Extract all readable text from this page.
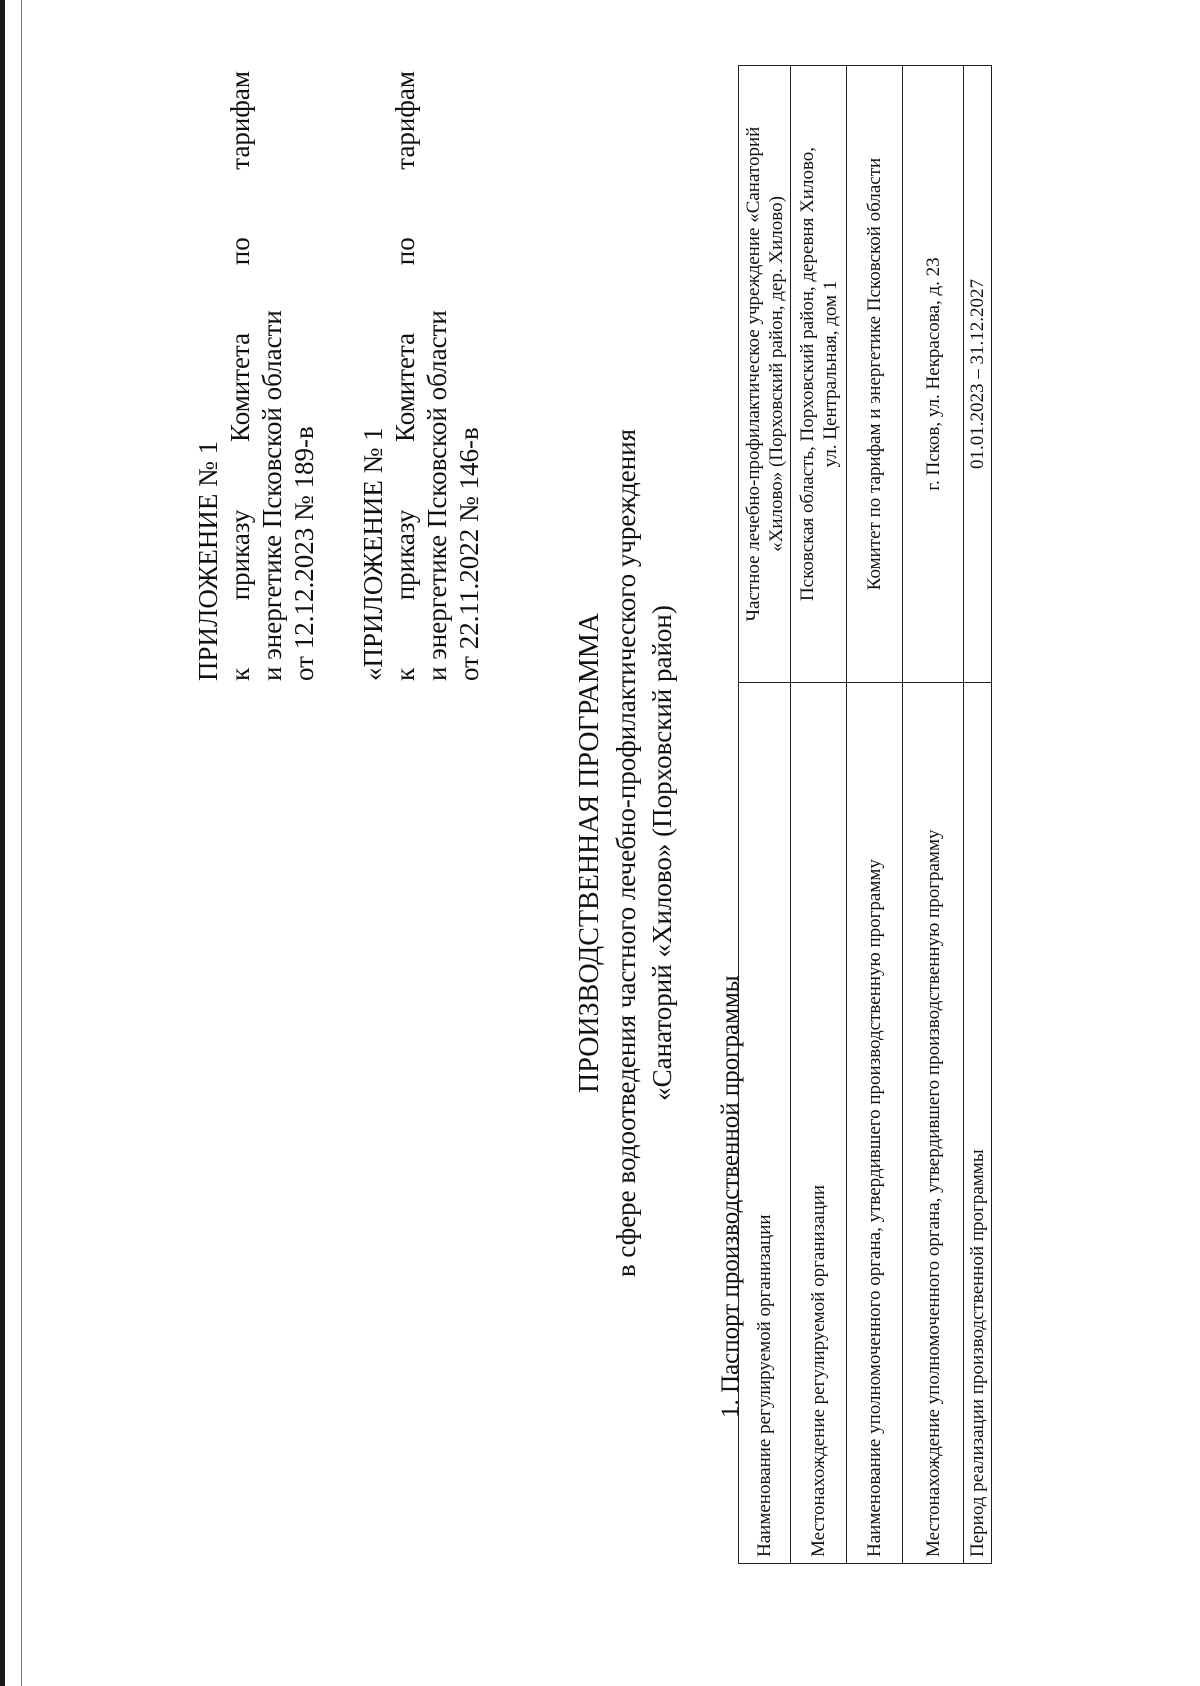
ПРИЛОЖЕНИЕ № 1 к
приказу
Комитета
по
тарифам
и энергетике Псковской области от 12.12.2023 № 189-в «ПРИЛОЖЕНИЕ № 1 к
приказу
Комитета
по
тарифам
и энергетике Псковской области от 22.11.2022 № 146-в
ПРОИЗВОДСТВЕННАЯ ПРОГРАММА в сфере водоотведения частного лечебно-профилактического учреждения «Санаторий «Хилово» (Порховский район)
1. Паспорт производственной программы Наименование регулируемой организации	Частное лечебно-профилактическое учреждение «Санаторий «Хилово» (Порховский район, дер. Хилово)

Местонахождение регулируемой организации	Псковская область, Порховский район, деревня Хилово, ул. Центральная, дом 1

Наименование уполномоченного органа, утвердившего производственную программу	Комитет по тарифам и энергетике Псковской области

Местонахождение уполномоченного органа, утвердившего производственную программу	г. Псков, ул. Некрасова, д. 23

Период реализации производственной программы	01.01.2023 – 31.12.2027
